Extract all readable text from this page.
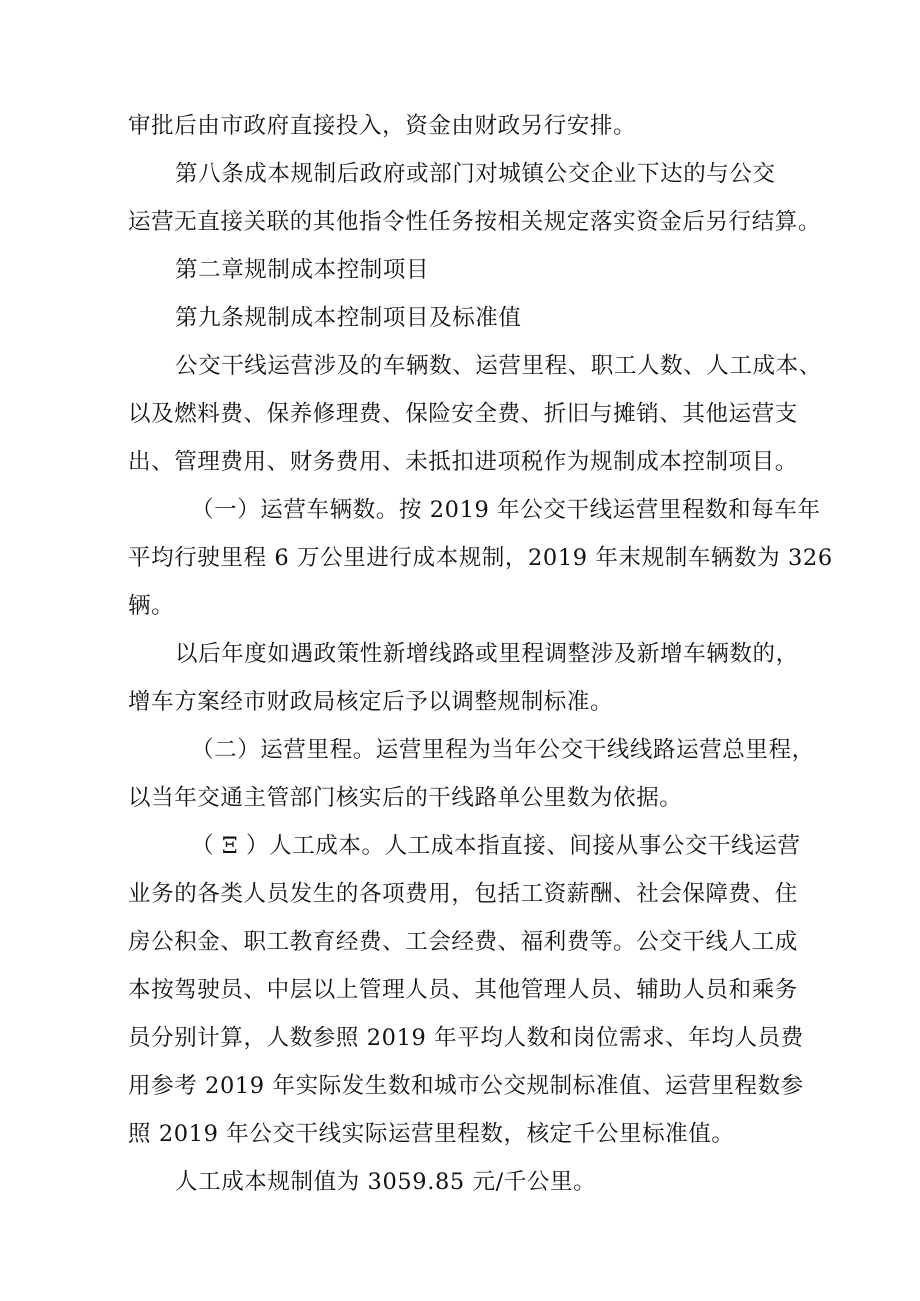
审批后由市政府直接投入，资金由财政另行安排。
第八条成本规制后政府或部门对城镇公交企业下达的与公交
运营无直接关联的其他指令性任务按相关规定落实资金后另行结算。
第二章规制成本控制项目
第九条规制成本控制项目及标准值
公交干线运营涉及的车辆数、运营里程、职工人数、人工成本、
以及燃料费、保养修理费、保险安全费、折旧与摊销、其他运营支
出、管理费用、财务费用、未抵扣进项税作为规制成本控制项目。
（一）运营车辆数。按 2019 年公交干线运营里程数和每车年
平均行驶里程 6 万公里进行成本规制，2019 年末规制车辆数为 326
辆。
以后年度如遇政策性新增线路或里程调整涉及新增车辆数的，
增车方案经市财政局核定后予以调整规制标准。
（二）运营里程。运营里程为当年公交干线线路运营总里程，
以当年交通主管部门核实后的干线路单公里数为依据。
（ Ξ ）人工成本。人工成本指直接、间接从事公交干线运营
业务的各类人员发生的各项费用，包括工资薪酬、社会保障费、住
房公积金、职工教育经费、工会经费、福利费等。公交干线人工成
本按驾驶员、中层以上管理人员、其他管理人员、辅助人员和乘务
员分别计算，人数参照 2019 年平均人数和岗位需求、年均人员费
用参考 2019 年实际发生数和城市公交规制标准值、运营里程数参
照 2019 年公交干线实际运营里程数，核定千公里标准值。
人工成本规制值为 3059.85 元/千公里。
